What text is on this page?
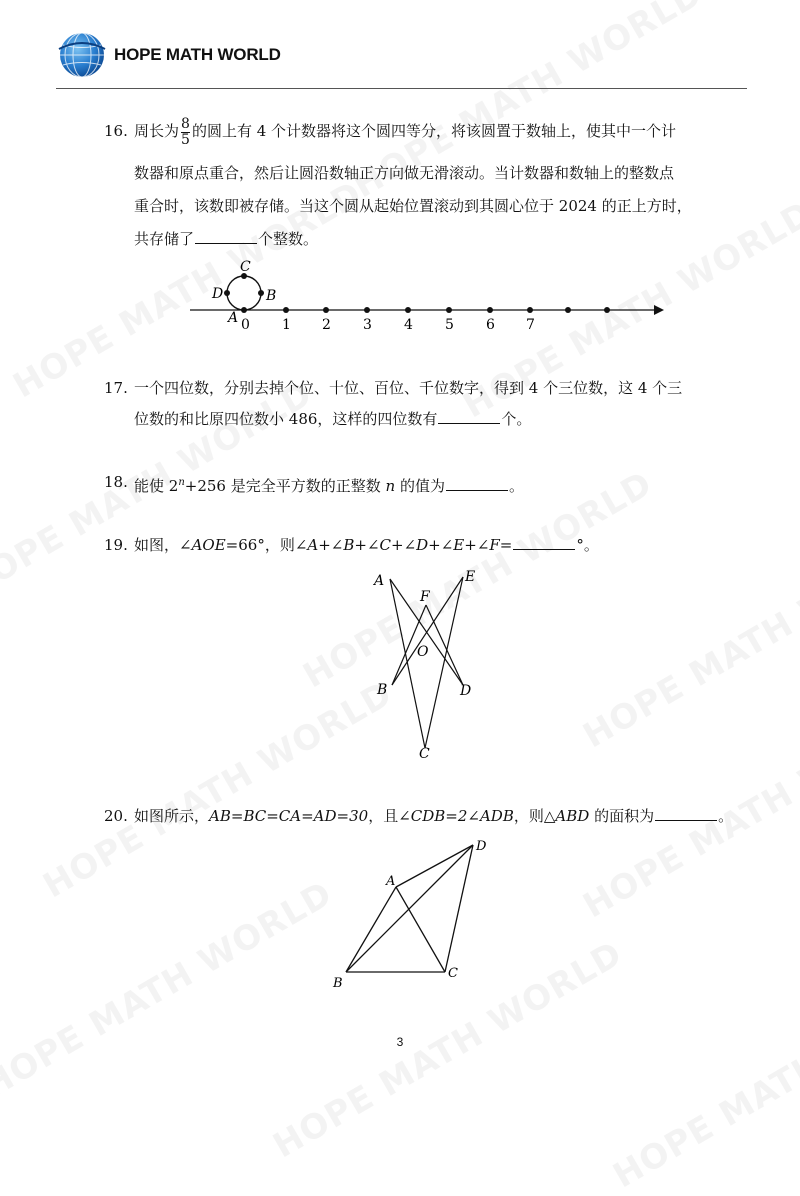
HOPE MATH WORLD
16. 周长为 $\frac{8}{5}$ 的圆上有 4 个计数器将这个圆四等分，将该圆置于数轴上，使其中一个计
数器和原点重合，然后让圆沿数轴正方向做无滑滚动。当计数器和数轴上的整数点
重合时，该数即被存储。当这个圆从起始位置滚动到其圆心位于 2024 的正上方时，
共存储了	个整数。
C
D	B
A 0 1 2 3 4 5 6 7
17. 一个四位数，分别去掉个位、十位、百位、千位数字，得到 4 个三位数，这 4 个三
位数的和比原四位数小 486，这样的四位数有	个。
18. 能使 $2^n+256$ 是完全平方数的正整数 n 的值为	。
19. 如图，∠AOE=66°，则∠A+∠B+∠C+∠D+∠E+∠F=	°。
A	E
F
O
B	D
C
20. 如图所示，AB=BC=CA=AD=30，且∠CDB=2∠ADB，则△ABD 的面积为	。
A
B
C
D
3
